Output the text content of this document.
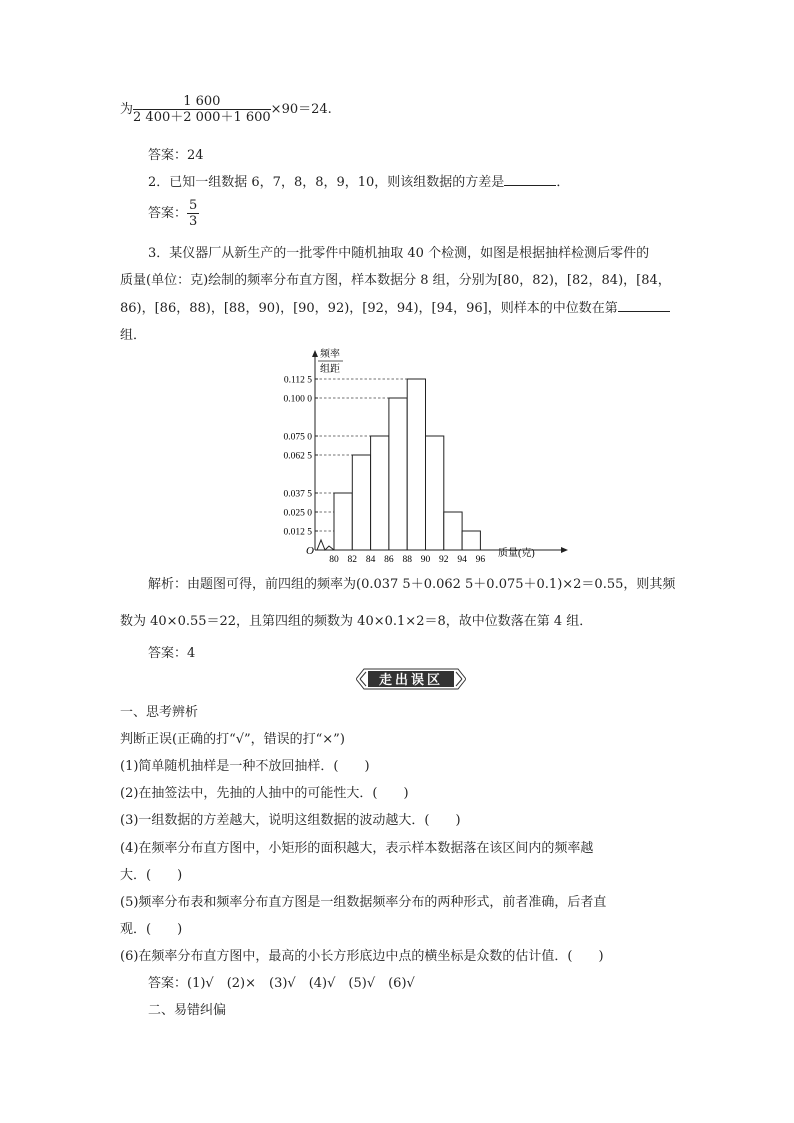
为 $\frac{1 600}{2 400+2 000+1 600} \times 90=24$.
答案：24
2．已知一组数据 6，7，8，8，9，10，则该组数据的方差是	．
答案： $\frac{5}{3}$
3．某仪器厂从新生产的一批零件中随机抽取 40 个检测，如图是根据抽样检测后零件的
质量(单位：克)绘制的频率分布直方图，样本数据分 8 组，分别为[80，82)，[82，84)，[84，
86)，[86，88)，[88，90)，[90，92)，[92，94)，[94，96]，则样本的中位数在第
组．
0.012 5
0.025 0
0.037 5
0.062 5
0.075 0
0.100 0
0.112 5
80 82 84 86 88 90 92 94 96
频率
组距
质量(克)
O
解析：由题图可得，前四组的频率为(0.037 5＋0.062 5＋0.075＋0.1)×2＝0.55，则其频
数为 40×0.55＝22，且第四组的频数为 40×0.1×2＝8，故中位数落在第 4 组．
答案：4
走出误区
一、思考辨析
判断正误(正确的打“√”，错误的打“×”)
(1)简单随机抽样是一种不放回抽样．(　　)
(2)在抽签法中，先抽的人抽中的可能性大．(　　)
(3)一组数据的方差越大，说明这组数据的波动越大．(　　)
(4)在频率分布直方图中，小矩形的面积越大，表示样本数据落在该区间内的频率越
大．(　　)
(5)频率分布表和频率分布直方图是一组数据频率分布的两种形式，前者准确，后者直
观．(　　)
(6)在频率分布直方图中，最高的小长方形底边中点的横坐标是众数的估计值．(　　)
答案：(1)√　(2)×　(3)√　(4)√　(5)√　(6)√
二、易错纠偏
